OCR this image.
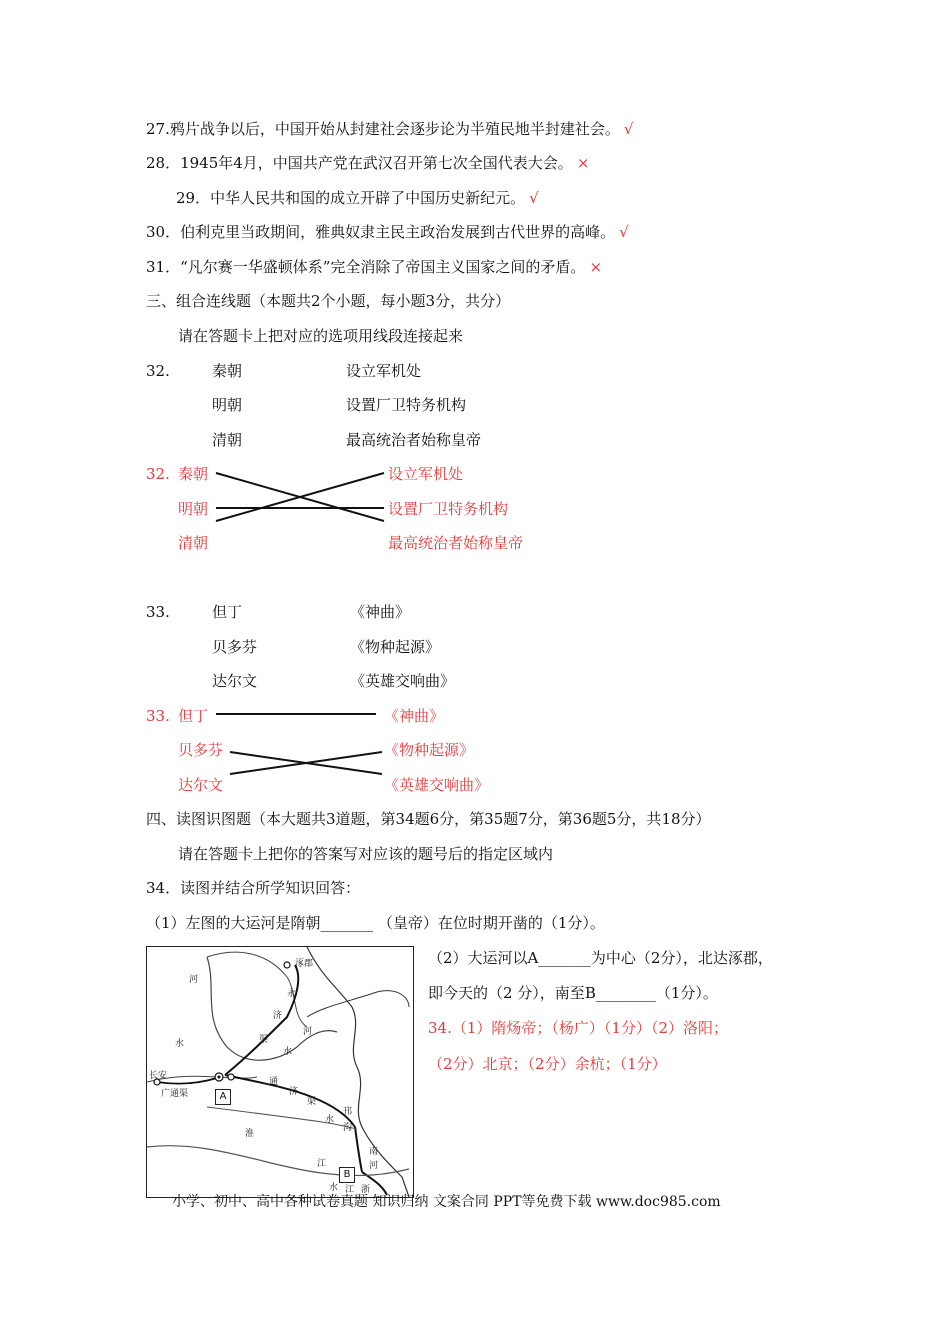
27.鸦片战争以后，中国开始从封建社会逐步论为半殖民地半封建社会。 √
28．1945年4月，中国共产党在武汉召开第七次全国代表大会。 ×
29．中华人民共和国的成立开辟了中国历史新纪元。 √
30．伯利克里当政期间，雅典奴隶主民主政治发展到古代世界的高峰。 √
31．“凡尔赛一华盛顿体系”完全消除了帝国主义国家之间的矛盾。 ×
三、组合连线题（本题共2个小题，每小题3分，共分）
请在答题卡上把对应的选项用线段连接起来
32.	秦朝	设立军机处
明朝	设置厂卫特务机构
清朝	最高统治者始称皇帝
32. 秦朝	设立军机处
明朝	设置厂卫特务机构
清朝	最高统治者始称皇帝
33.	但丁	《神曲》
贝多芬	《物种起源》
达尔文	《英雄交响曲》
33. 但丁	《神曲》
贝多芬	《物种起源》
达尔文	《英雄交响曲》
四、读图识图题（本大题共3道题，第34题6分，第35题7分，第36题5分，共18分）
请在答题卡上把你的答案写对应该的题号后的指定区域内
34．读图并结合所学知识回答：
（1）左图的大运河是隋朝_______ （皇帝）在位时期开凿的（1分）。
（2）大运河以A_______为中心（2分），北达涿郡，
即今天的（2 分），南至B________（1分）。
34.（1）隋炀帝；（杨广）（1分）（2）洛阳；
（2分）北京；（2分）余杭；（1分）
涿郡
长安
河
水
永
济
河
渠
水
通
济
渠
广通渠
淮
水
邗
沟
江
南
河
水 江 浙
A
B
小学、初中、高中各种试卷真题 知识归纳 文案合同 PPT等免费下载 www.doc985.com
